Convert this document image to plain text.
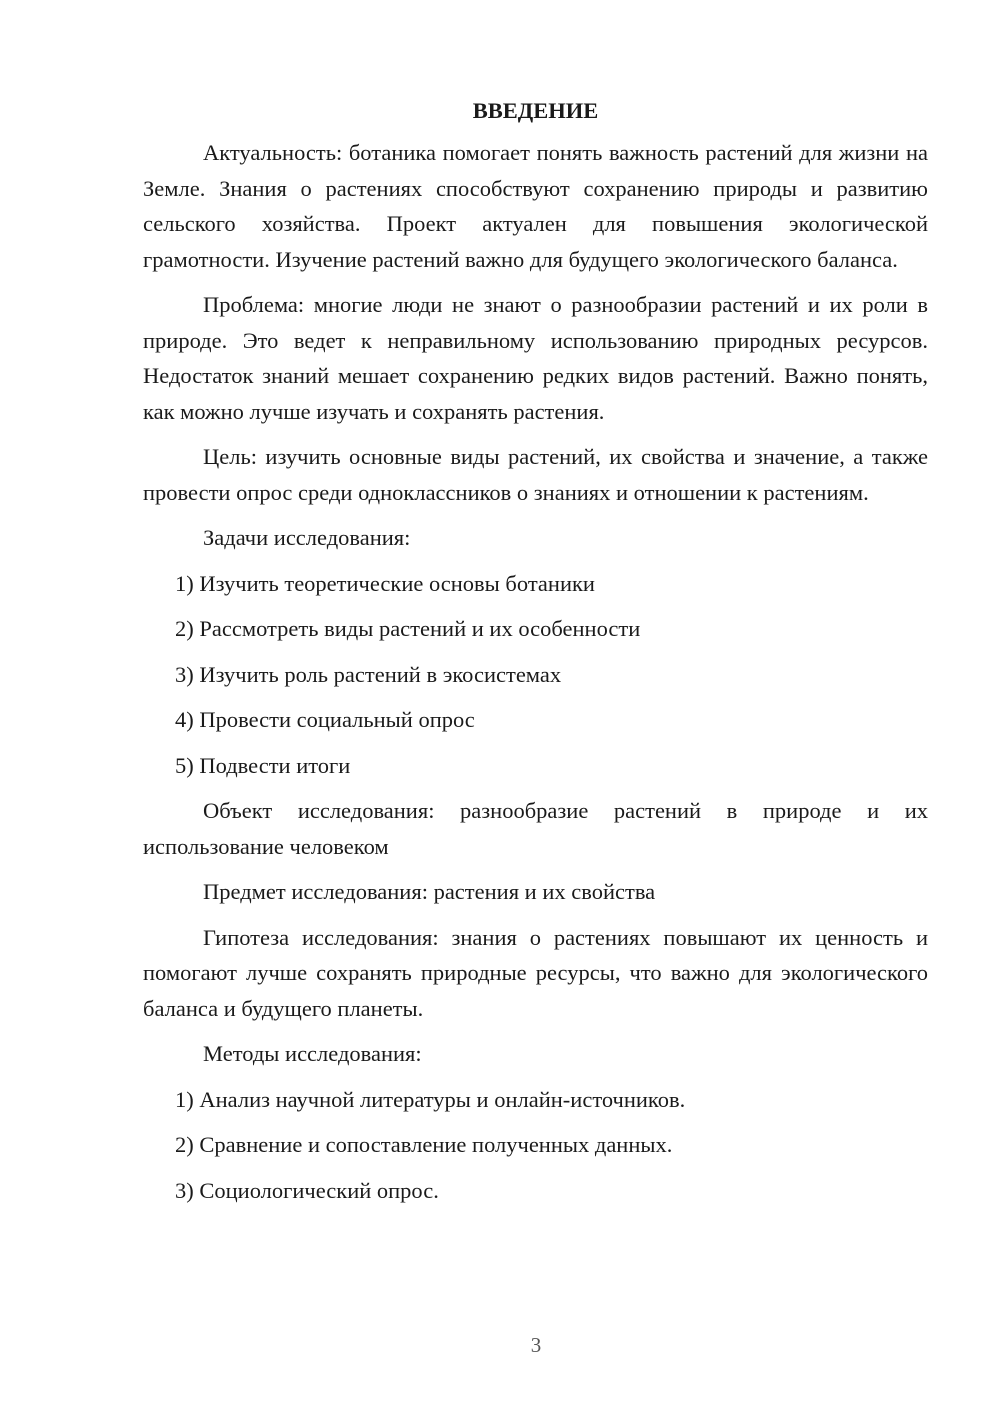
ВВЕДЕНИЕ

Актуальность: ботаника помогает понять важность растений для жизни на Земле. Знания о растениях способствуют сохранению природы и развитию сельского хозяйства. Проект актуален для повышения экологической грамотности. Изучение растений важно для будущего экологического баланса.

Проблема: многие люди не знают о разнообразии растений и их роли в природе. Это ведет к неправильному использованию природных ресурсов. Недостаток знаний мешает сохранению редких видов растений. Важно понять, как можно лучше изучать и сохранять растения.

Цель: изучить основные виды растений, их свойства и значение, а также провести опрос среди одноклассников о знаниях и отношении к растениям.

Задачи исследования:

1) Изучить теоретические основы ботаники
2) Рассмотреть виды растений и их особенности
3) Изучить роль растений в экосистемах
4) Провести социальный опрос
5) Подвести итоги

Объект исследования: разнообразие растений в природе и их использование человеком

Предмет исследования: растения и их свойства

Гипотеза исследования: знания о растениях повышают их ценность и помогают лучше сохранять природные ресурсы, что важно для экологического баланса и будущего планеты.

Методы исследования:

1) Анализ научной литературы и онлайн-источников.
2) Сравнение и сопоставление полученных данных.
3) Социологический опрос.
3
